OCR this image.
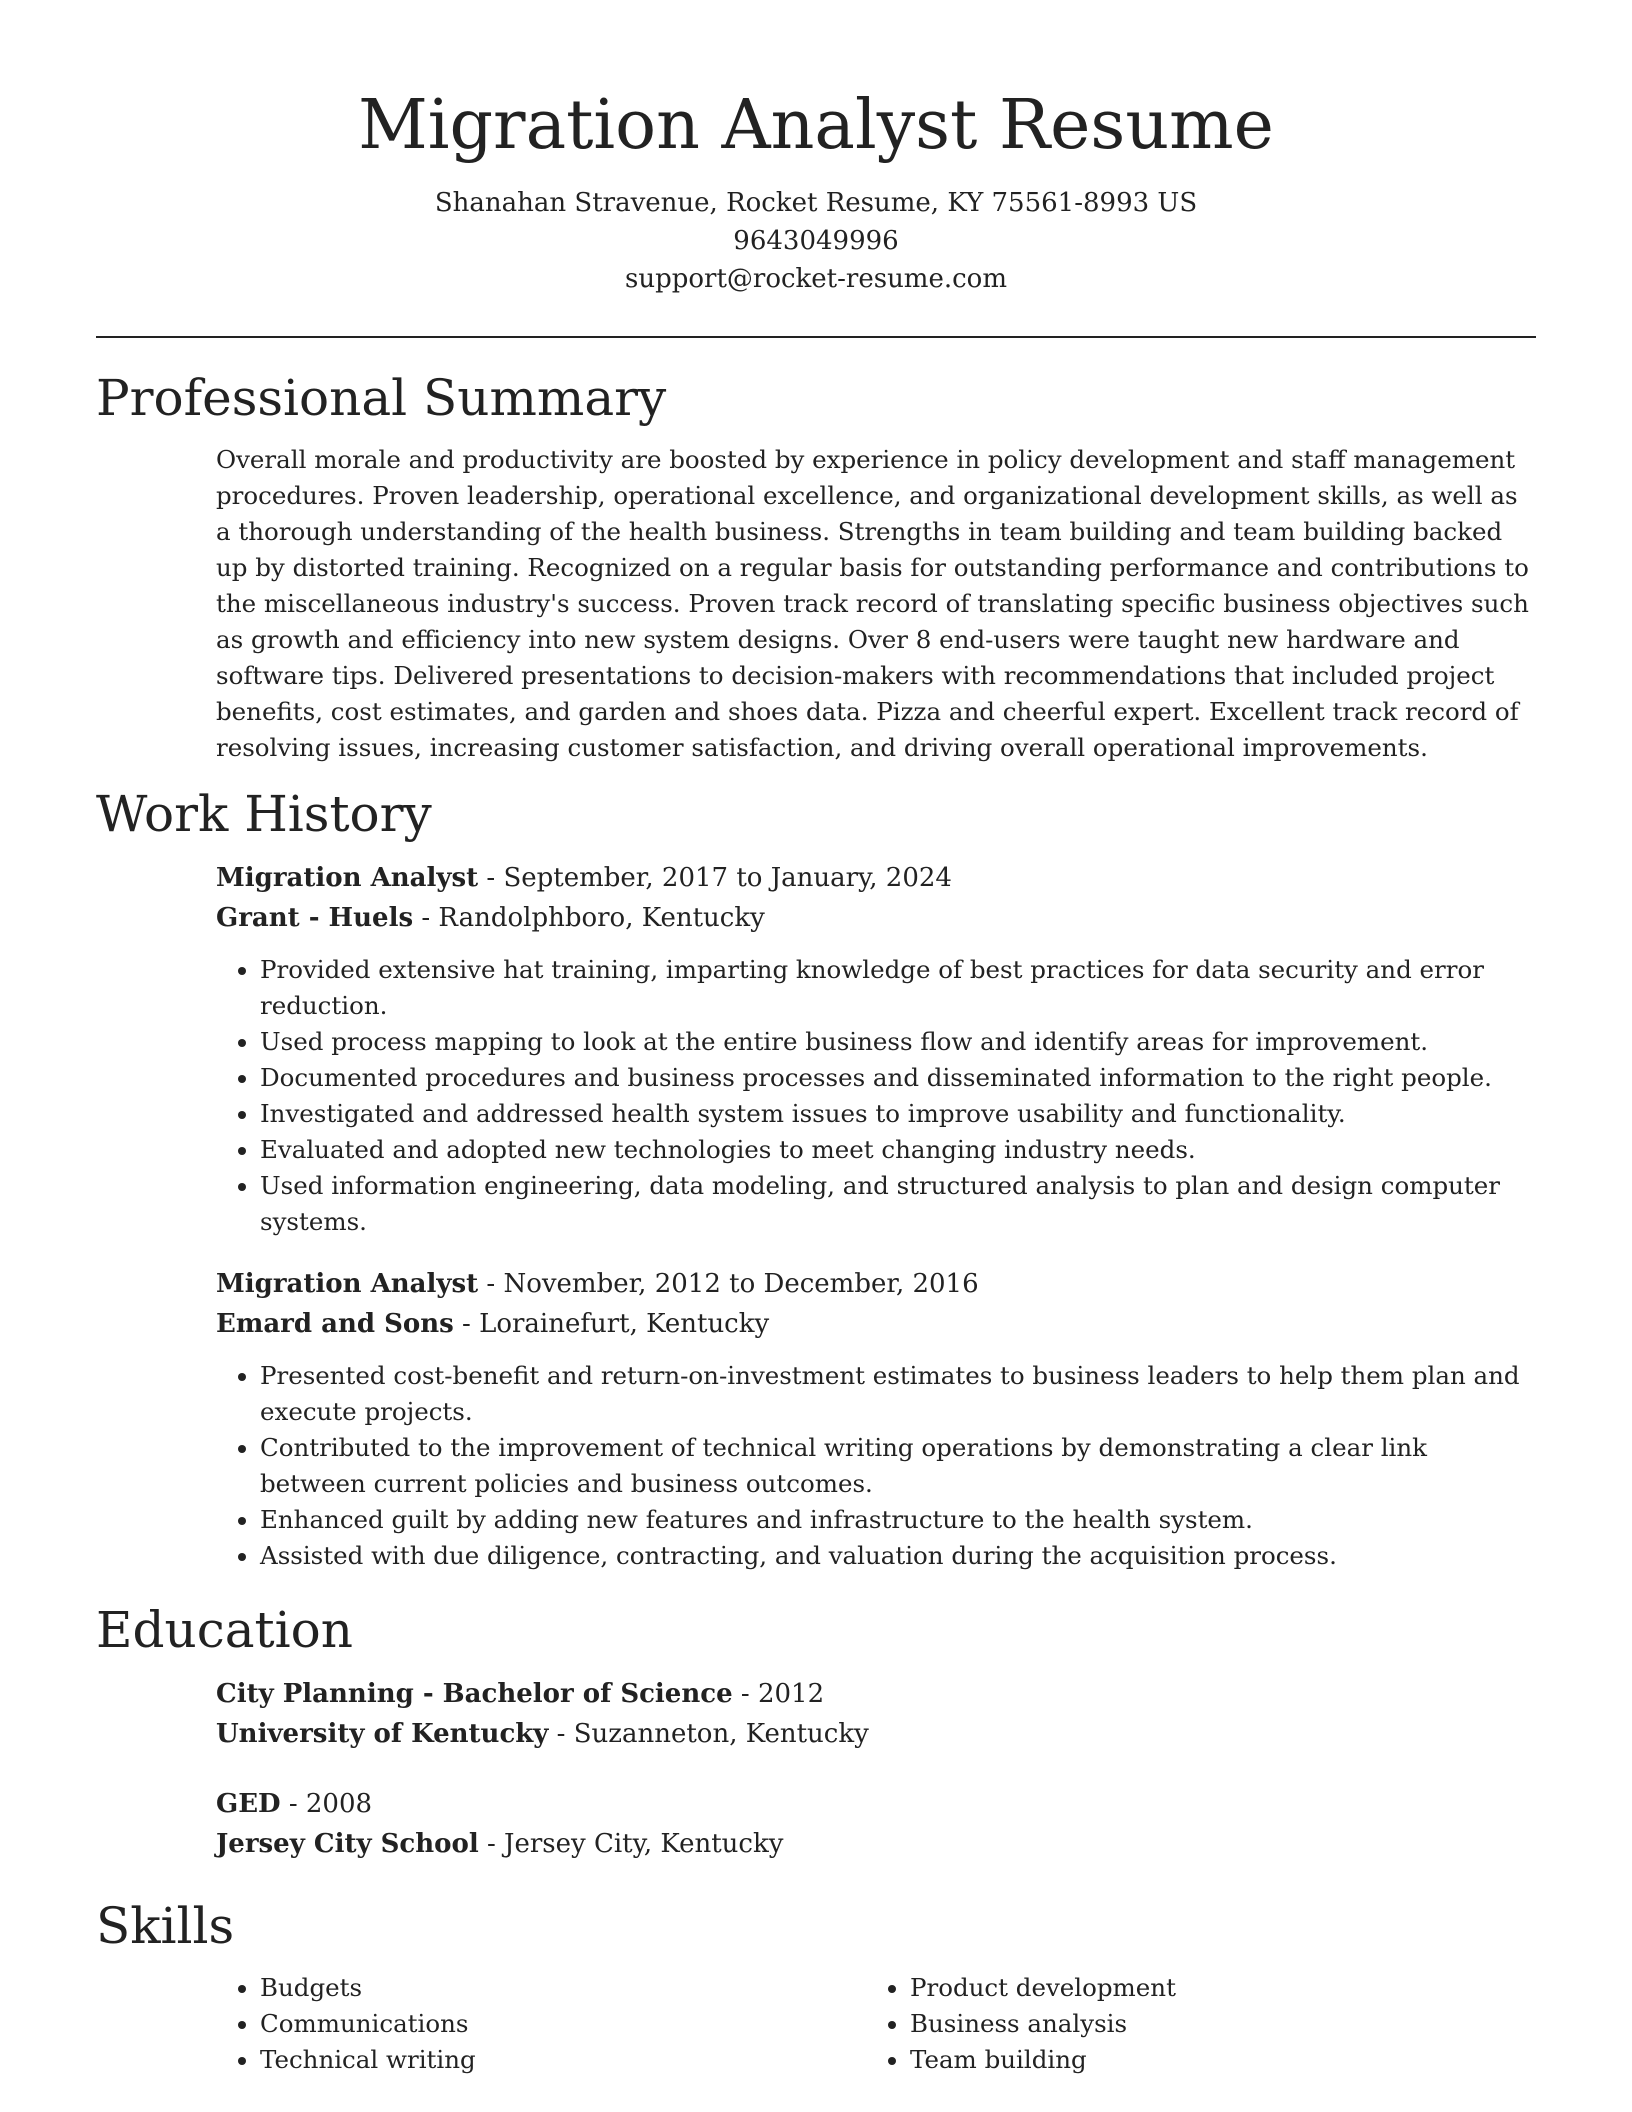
Migration Analyst Resume
Shanahan Stravenue, Rocket Resume, KY 75561-8993 US
9643049996
support@rocket-resume.com
Professional Summary

Overall morale and productivity are boosted by experience in policy development and staff management procedures. Proven leadership, operational excellence, and organizational development skills, as well as a thorough understanding of the health business. Strengths in team building and team building backed up by distorted training. Recognized on a regular basis for outstanding performance and contributions to the miscellaneous industry's success. Proven track record of translating specific business objectives such as growth and efficiency into new system designs. Over 8 end-users were taught new hardware and software tips. Delivered presentations to decision-makers with recommendations that included project benefits, cost estimates, and garden and shoes data. Pizza and cheerful expert. Excellent track record of resolving issues, increasing customer satisfaction, and driving overall operational improvements.

Work History

Migration Analyst - September, 2017 to January, 2024

Grant - Huels - Randolphboro, Kentucky

• Provided extensive hat training, imparting knowledge of best practices for data security and error reduction.
• Used process mapping to look at the entire business flow and identify areas for improvement.
• Documented procedures and business processes and disseminated information to the right people.
• Investigated and addressed health system issues to improve usability and functionality.
• Evaluated and adopted new technologies to meet changing industry needs.
• Used information engineering, data modeling, and structured analysis to plan and design computer systems.

Migration Analyst - November, 2012 to December, 2016

Emard and Sons - Lorainefurt, Kentucky

• Presented cost-benefit and return-on-investment estimates to business leaders to help them plan and execute projects.
• Contributed to the improvement of technical writing operations by demonstrating a clear link between current policies and business outcomes.
• Enhanced guilt by adding new features and infrastructure to the health system.
• Assisted with due diligence, contracting, and valuation during the acquisition process.
Education

City Planning - Bachelor of Science - 2012

University of Kentucky - Suzanneton, Kentucky

GED - 2008

Jersey City School - Jersey City, Kentucky

Skills
• Budgets
• Communications
• Technical writing
• Product development
• Business analysis
• Team building
